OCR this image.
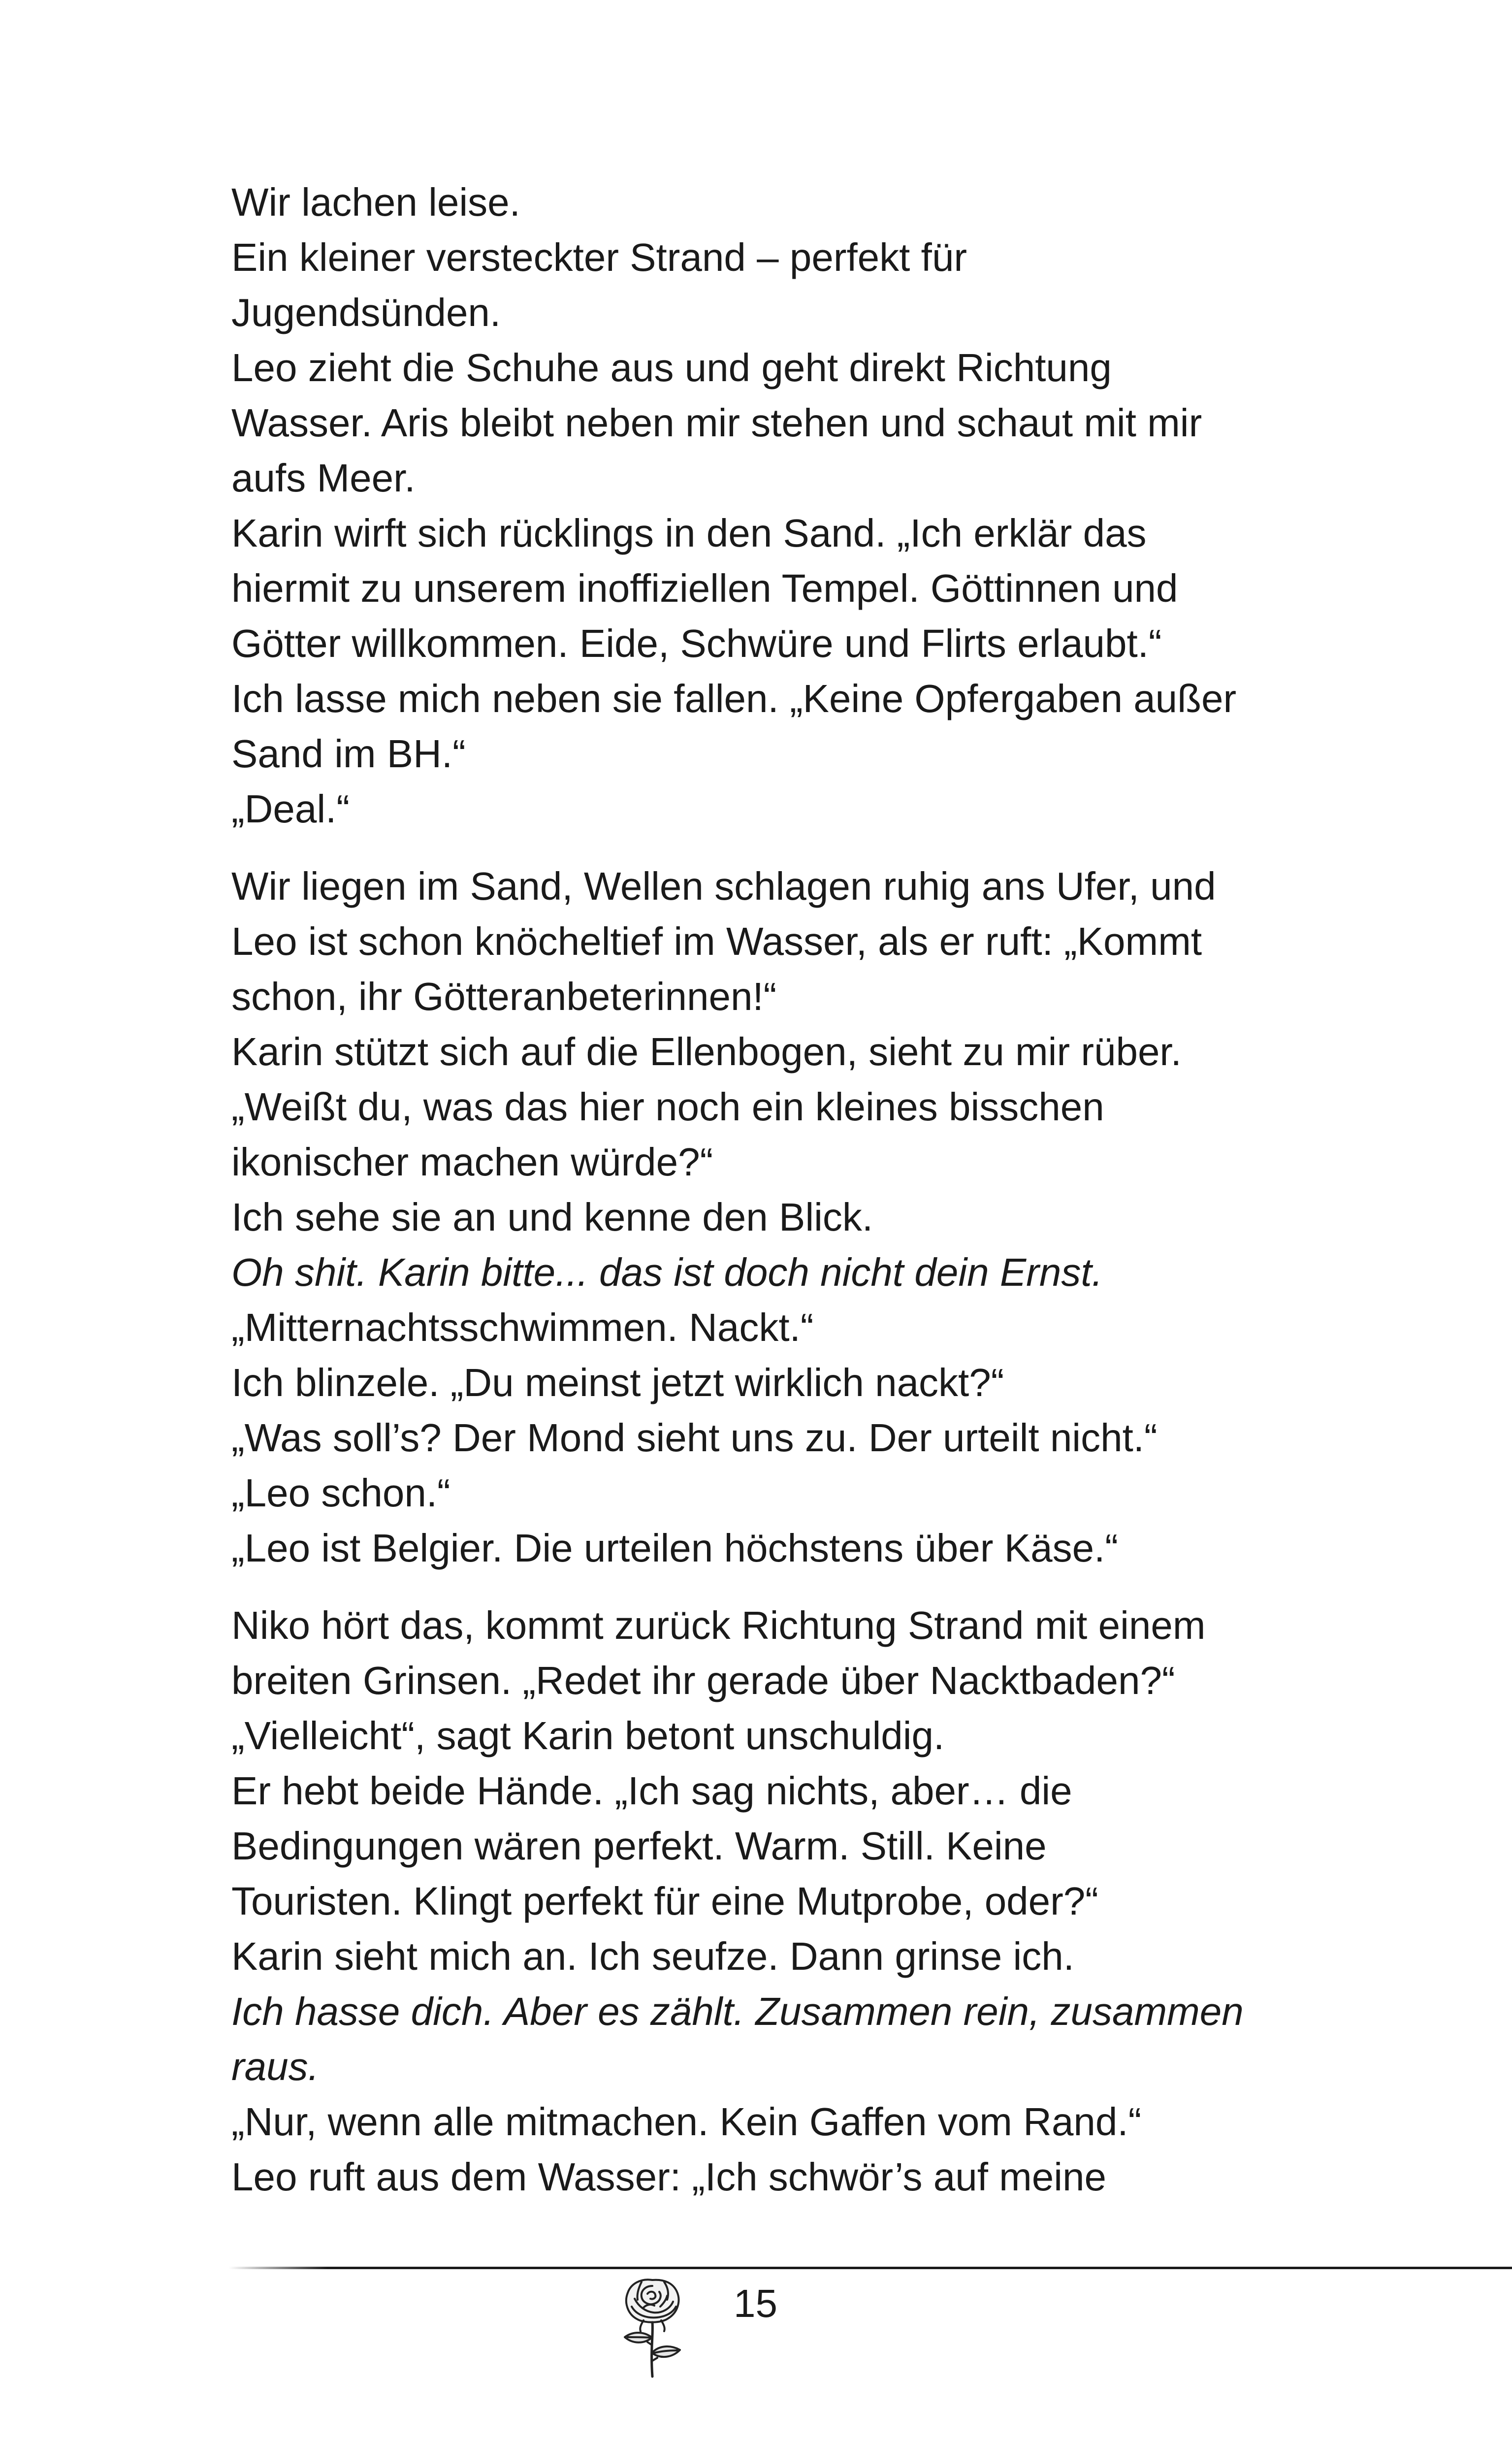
Wir lachen leise.
Ein kleiner versteckter Strand – perfekt für
Jugendsünden.
Leo zieht die Schuhe aus und geht direkt Richtung
Wasser. Aris bleibt neben mir stehen und schaut mit mir
aufs Meer.
Karin wirft sich rücklings in den Sand. „Ich erklär das
hiermit zu unserem inoffiziellen Tempel. Göttinnen und
Götter willkommen. Eide, Schwüre und Flirts erlaubt.“
Ich lasse mich neben sie fallen. „Keine Opfergaben außer
Sand im BH.“
„Deal.“
Wir liegen im Sand, Wellen schlagen ruhig ans Ufer, und
Leo ist schon knöcheltief im Wasser, als er ruft: „Kommt
schon, ihr Götteranbeterinnen!“
Karin stützt sich auf die Ellenbogen, sieht zu mir rüber.
„Weißt du, was das hier noch ein kleines bisschen
ikonischer machen würde?“
Ich sehe sie an und kenne den Blick.
Oh shit. Karin bitte... das ist doch nicht dein Ernst.
„Mitternachtsschwimmen. Nackt.“
Ich blinzele. „Du meinst jetzt wirklich nackt?“
„Was soll’s? Der Mond sieht uns zu. Der urteilt nicht.“
„Leo schon.“
„Leo ist Belgier. Die urteilen höchstens über Käse.“
Niko hört das, kommt zurück Richtung Strand mit einem
breiten Grinsen. „Redet ihr gerade über Nacktbaden?“
„Vielleicht“, sagt Karin betont unschuldig.
Er hebt beide Hände. „Ich sag nichts, aber… die
Bedingungen wären perfekt. Warm. Still. Keine
Touristen. Klingt perfekt für eine Mutprobe, oder?“
Karin sieht mich an. Ich seufze. Dann grinse ich.
Ich hasse dich. Aber es zählt. Zusammen rein, zusammen
raus.
„Nur, wenn alle mitmachen. Kein Gaffen vom Rand.“
Leo ruft aus dem Wasser: „Ich schwör’s auf meine
15
